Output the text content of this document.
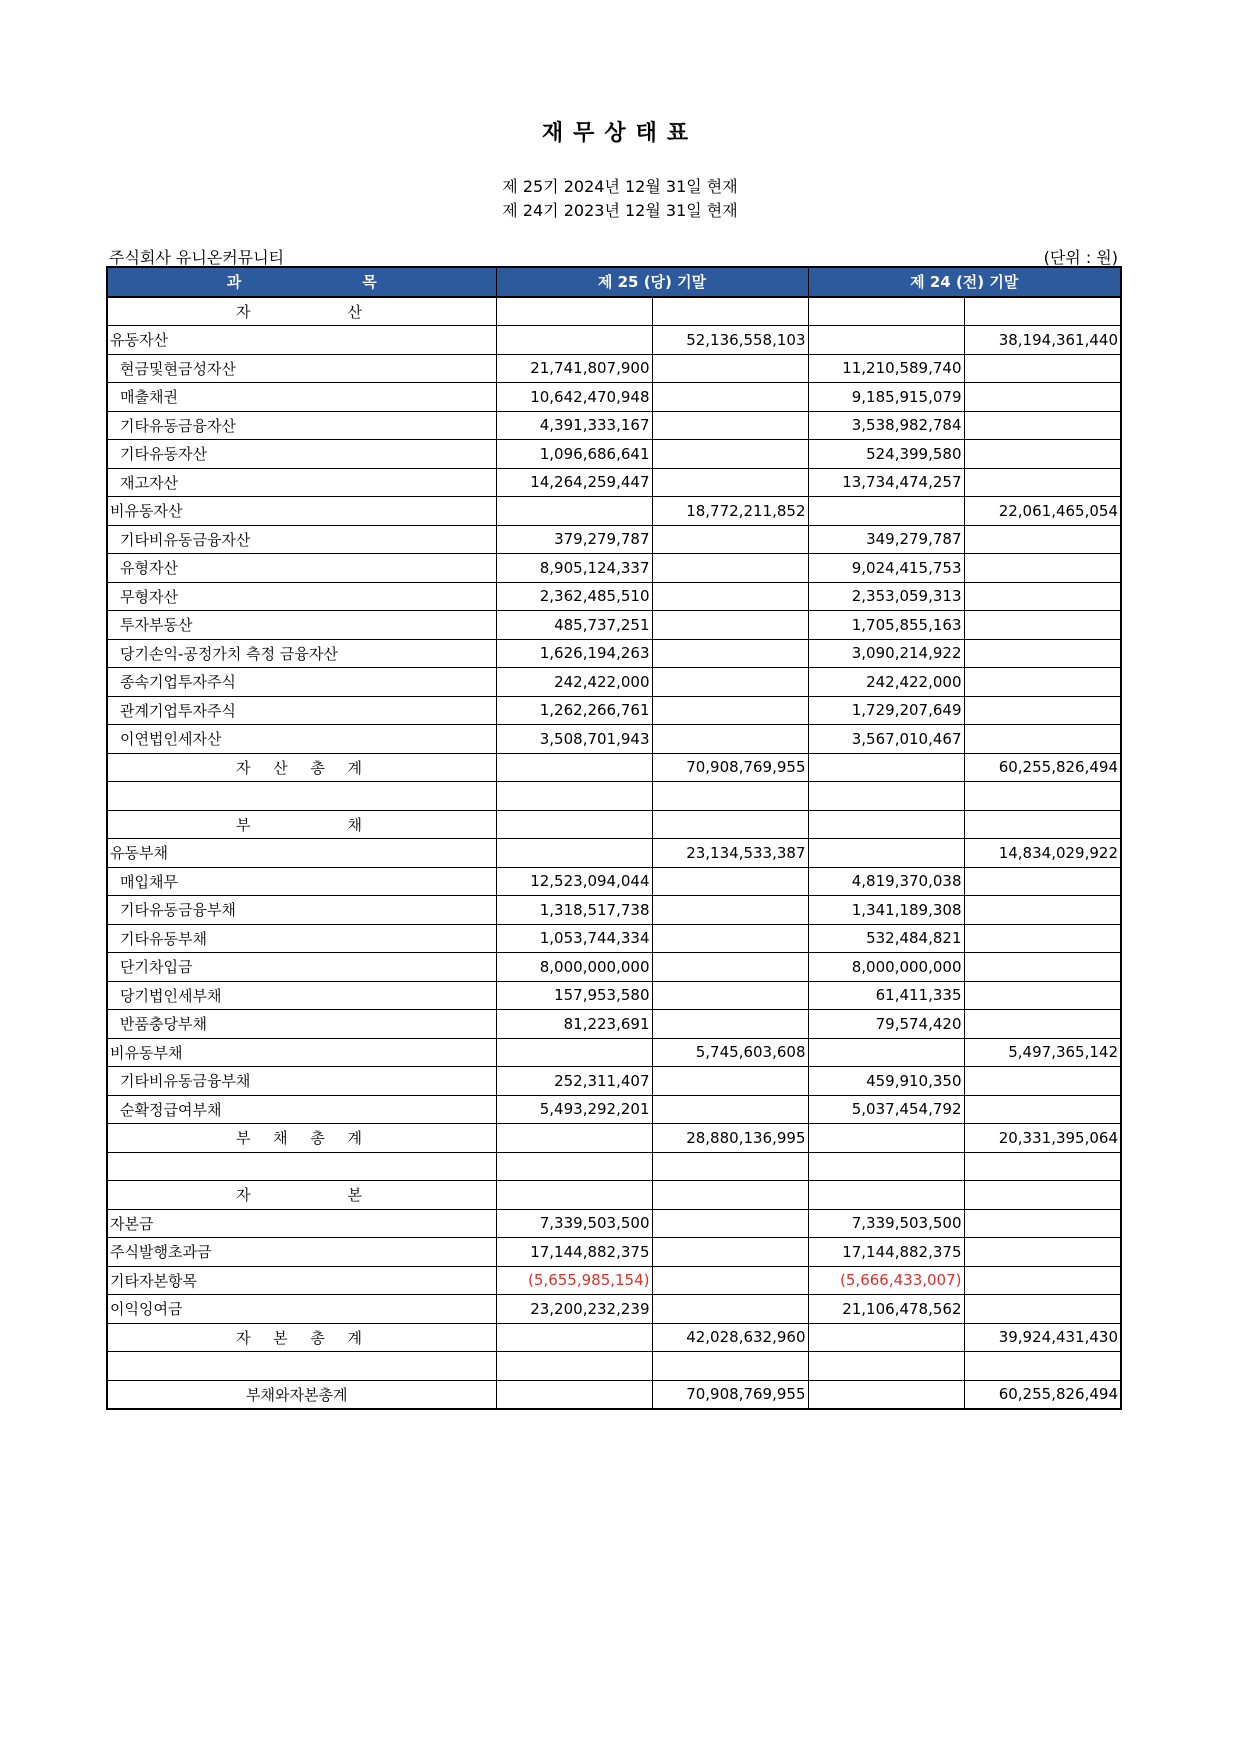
재무상태표
제 25기 2024년 12월 31일 현재
제 24기 2023년 12월 31일 현재
주식회사 유니온커뮤니티	(단위 : 원)
과 목	제 25 (당) 기말		제 24 (전) 기말	

자 산				

유동자산		52,136,558,103		38,194,361,440
현금및현금성자산	21,741,807,900		11,210,589,740	
매출채권	10,642,470,948		9,185,915,079	
기타유동금융자산	4,391,333,167		3,538,982,784	
기타유동자산	1,096,686,641		524,399,580	
재고자산	14,264,259,447		13,734,474,257	
비유동자산		18,772,211,852		22,061,465,054
기타비유동금융자산	379,279,787		349,279,787	
유형자산	8,905,124,337		9,024,415,753	
무형자산	2,362,485,510		2,353,059,313	
투자부동산	485,737,251		1,705,855,163	
당기손익-공정가치 측정 금융자산	1,626,194,263		3,090,214,922	
종속기업투자주식	242,422,000		242,422,000	
관계기업투자주식	1,262,266,761		1,729,207,649	
이연법인세자산	3,508,701,943		3,567,010,467	

자 산 총 계		70,908,769,955		60,255,826,494

부 채				

유동부채		23,134,533,387		14,834,029,922
매입채무	12,523,094,044		4,819,370,038	
기타유동금융부채	1,318,517,738		1,341,189,308	
기타유동부채	1,053,744,334		532,484,821	
단기차입금	8,000,000,000		8,000,000,000	
당기법인세부채	157,953,580		61,411,335	
반품충당부채	81,223,691		79,574,420	
비유동부채		5,745,603,608		5,497,365,142
기타비유동금융부채	252,311,407		459,910,350	
순확정급여부채	5,493,292,201		5,037,454,792	

부 채 총 계		28,880,136,995		20,331,395,064

자 본				

자본금	7,339,503,500		7,339,503,500	
주식발행초과금	17,144,882,375		17,144,882,375	
기타자본항목	(5,655,985,154)		(5,666,433,007)	
이익잉여금	23,200,232,239		21,106,478,562	

자 본 총 계		42,028,632,960		39,924,431,430

부채와자본총계		70,908,769,955		60,255,826,494
